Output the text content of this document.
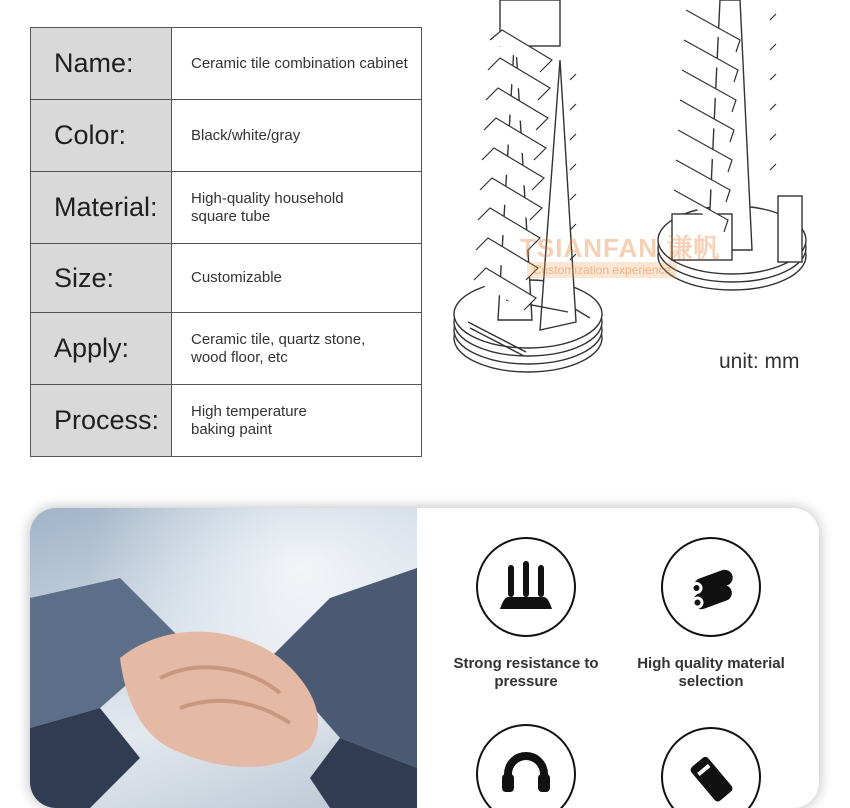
Name:	Ceramic tile combination cabinet

Color:	Black/white/gray

Material:	High-quality household
square tube

Size:	Customizable

Apply:	Ceramic tile, quartz stone,
wood floor, etc

Process:	High temperature
baking paint
TSIANFAN 谦帆
Customization experience
unit: mm
Strong resistance to pressure
High quality material selection
